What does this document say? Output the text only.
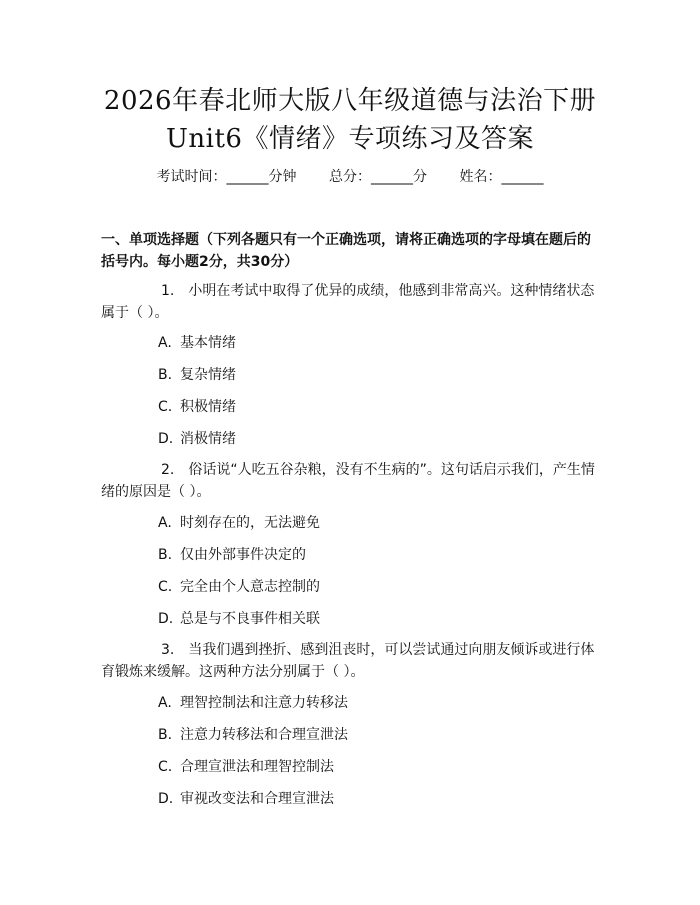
2026年春北师大版八年级道德与法治下册
Unit6《情绪》专项练习及答案
考试时间：______分钟 总分：______分 姓名：______
一、单项选择题（下列各题只有一个正确选项，请将正确选项的字母填在题后的括号内。每小题2分，共30分）
1. 小明在考试中取得了优异的成绩，他感到非常高兴。这种情绪状态属于（ ）。
A. 基本情绪
B. 复杂情绪
C. 积极情绪
D. 消极情绪
2. 俗话说“人吃五谷杂粮，没有不生病的”。这句话启示我们，产生情绪的原因是（ ）。
A. 时刻存在的，无法避免
B. 仅由外部事件决定的
C. 完全由个人意志控制的
D. 总是与不良事件相关联
3. 当我们遇到挫折、感到沮丧时，可以尝试通过向朋友倾诉或进行体育锻炼来缓解。这两种方法分别属于（ ）。
A. 理智控制法和注意力转移法
B. 注意力转移法和合理宣泄法
C. 合理宣泄法和理智控制法
D. 审视改变法和合理宣泄法
